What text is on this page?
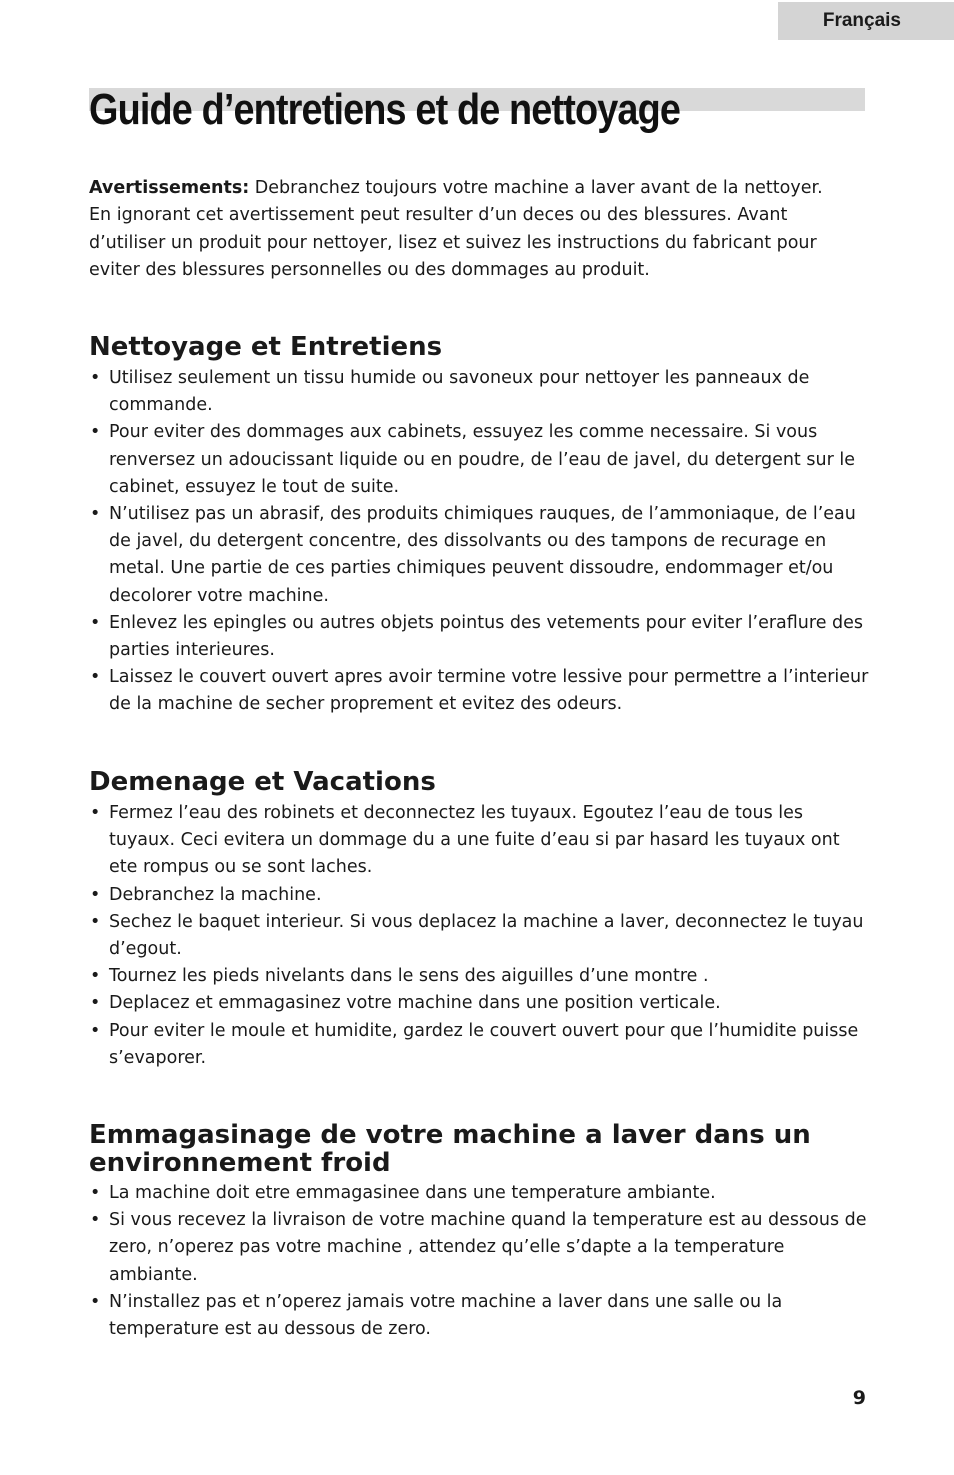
Français
Guide d’entretiens et de nettoyage

Avertissements: Debranchez toujours votre machine a laver avant de la nettoyer. En ignorant cet avertissement peut resulter d’un deces ou des blessures. Avant d’utiliser un produit pour nettoyer, lisez et suivez les instructions du fabricant pour eviter des blessures personnelles ou des dommages au produit.

Nettoyage et Entretiens
• Utilisez seulement un tissu humide ou savoneux pour nettoyer les panneaux de commande.
• Pour eviter des dommages aux cabinets, essuyez les comme necessaire. Si vous renversez un adoucissant liquide ou en poudre, de l’eau de javel, du detergent sur le cabinet, essuyez le tout de suite.
• N’utilisez pas un abrasif, des produits chimiques rauques, de l’ammoniaque, de l’eau de javel, du detergent concentre, des dissolvants ou des tampons de recurage en metal. Une partie de ces parties chimiques peuvent dissoudre, endommager et/ou decolorer votre machine.
• Enlevez les epingles ou autres objets pointus des vetements pour eviter l’eraflure des parties interieures.
• Laissez le couvert ouvert apres avoir termine votre lessive pour permettre a l’interieur de la machine de secher proprement et evitez des odeurs.
Demenage et Vacations
• Fermez l’eau des robinets et deconnectez les tuyaux. Egoutez l’eau de tous les tuyaux. Ceci evitera un dommage du a une fuite d’eau si par hasard les tuyaux ont ete rompus ou se sont laches.
• Debranchez la machine.
• Sechez le baquet interieur. Si vous deplacez la machine a laver, deconnectez le tuyau d’egout.
• Tournez les pieds nivelants dans le sens des aiguilles d’une montre .
• Deplacez et emmagasinez votre machine dans une position verticale.
• Pour eviter le moule et humidite, gardez le couvert ouvert pour que l’humidite puisse s’evaporer.
Emmagasinage de votre machine a laver dans un environnement froid
• La machine doit etre emmagasinee dans une temperature ambiante.
• Si vous recevez la livraison de votre machine quand la temperature est au dessous de zero, n’operez pas votre machine , attendez qu’elle s’dapte a la temperature ambiante.
• N’installez pas et n’operez jamais votre machine a laver dans une salle ou la temperature est au dessous de zero.
9
